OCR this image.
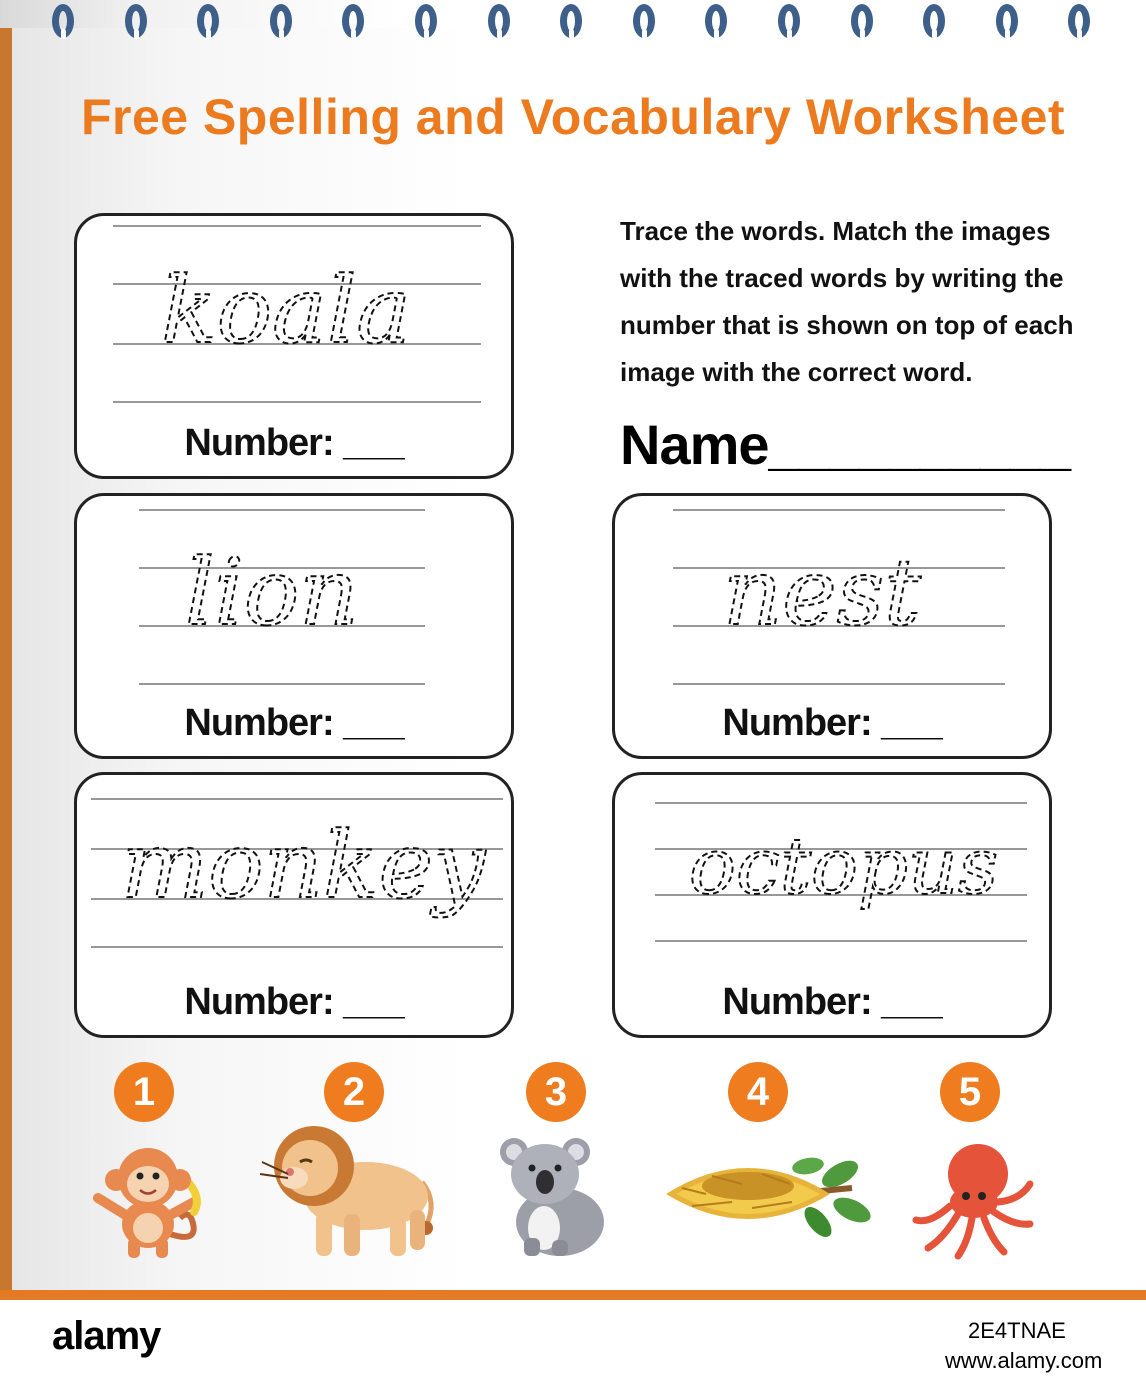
Free Spelling and Vocabulary Worksheet
koala
Number: ___
lion
Number: ___
nest
Number: ___
monkey
Number: ___
octopus
Number: ___
Trace the words. Match the images with the traced words by writing the number that is shown on top of each image with the correct word.
Name__________
1	2	3	4	5
alamy	2E4TNAE
www.alamy.com
